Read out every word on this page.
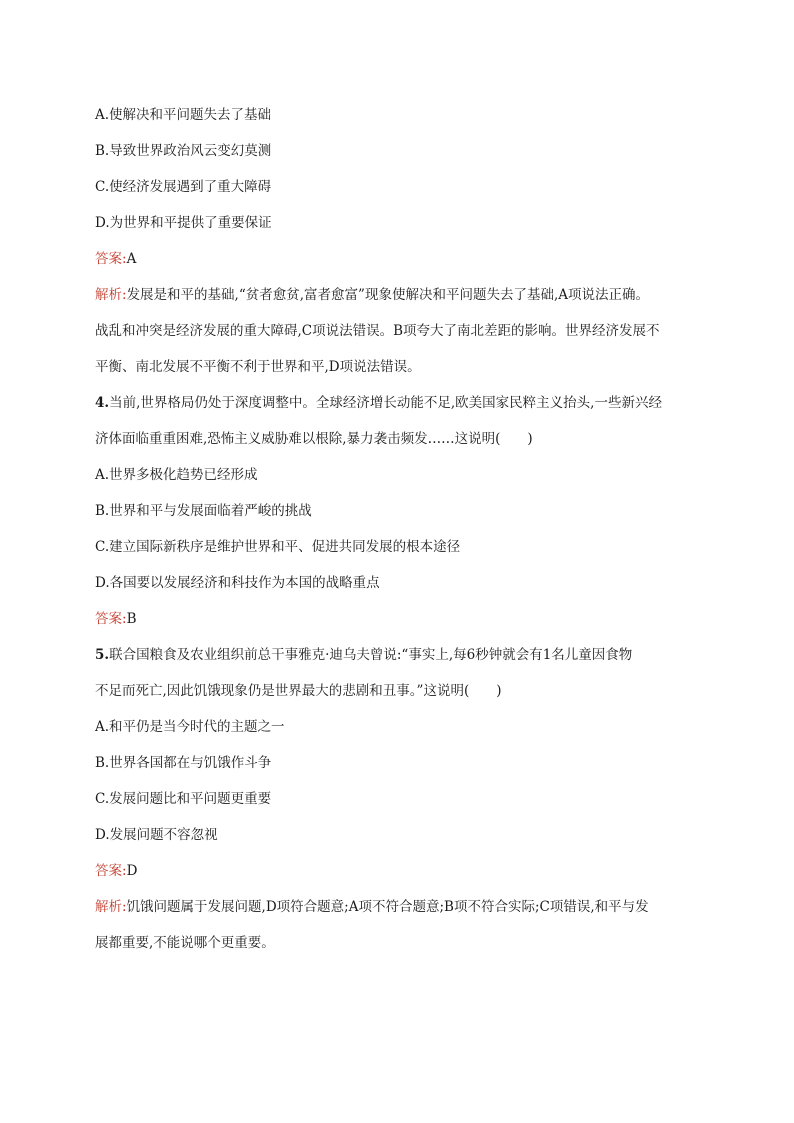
A.使解决和平问题失去了基础
B.导致世界政治风云变幻莫测
C.使经济发展遇到了重大障碍
D.为世界和平提供了重要保证
答案:A
解析:发展是和平的基础,“贫者愈贫,富者愈富”现象使解决和平问题失去了基础,A项说法正确。
战乱和冲突是经济发展的重大障碍,C项说法错误。B项夸大了南北差距的影响。世界经济发展不
平衡、南北发展不平衡不利于世界和平,D项说法错误。
4.当前,世界格局仍处于深度调整中。全球经济增长动能不足,欧美国家民粹主义抬头,一些新兴经
济体面临重重困难,恐怖主义威胁难以根除,暴力袭击频发……这说明(　　)
A.世界多极化趋势已经形成
B.世界和平与发展面临着严峻的挑战
C.建立国际新秩序是维护世界和平、促进共同发展的根本途径
D.各国要以发展经济和科技作为本国的战略重点
答案:B
5.联合国粮食及农业组织前总干事雅克·迪乌夫曾说:“事实上,每6秒钟就会有1名儿童因食物
不足而死亡,因此饥饿现象仍是世界最大的悲剧和丑事。”这说明(　　)
A.和平仍是当今时代的主题之一
B.世界各国都在与饥饿作斗争
C.发展问题比和平问题更重要
D.发展问题不容忽视
答案:D
解析:饥饿问题属于发展问题,D项符合题意;A项不符合题意;B项不符合实际;C项错误,和平与发
展都重要,不能说哪个更重要。
